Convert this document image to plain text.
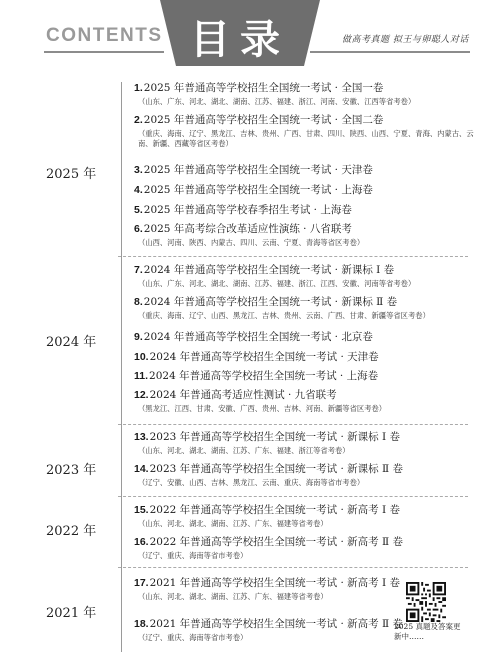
CONTENTS 目录	做高考真题 拟王与卵聪人对话
2025 年
2024 年
2023 年
2022 年
2021 年
1.2025 年普通高等学校招生全国统一考试 · 全国一卷
（山东、广东、河北、湖北、湖南、江苏、福建、浙江、河南、安徽、江西等省考卷）
2.2025 年普通高等学校招生全国统一考试 · 全国二卷
（重庆、海南、辽宁、黑龙江、吉林、贵州、广西、甘肃、四川、陕西、山西、宁夏、青海、内蒙古、云南、新疆、西藏等省区考卷）
3.2025 年普通高等学校招生全国统一考试 · 天津卷
4.2025 年普通高等学校招生全国统一考试 · 上海卷
5.2025 年普通高等学校春季招生考试 · 上海卷
6.2025 年高考综合改革适应性演练 · 八省联考
（山西、河南、陕西、内蒙古、四川、云南、宁夏、青海等省区考卷）
7.2024 年普通高等学校招生全国统一考试 · 新课标 Ⅰ 卷
（山东、广东、河北、湖北、湖南、江苏、福建、浙江、江西、安徽、河南等省考卷）
8.2024 年普通高等学校招生全国统一考试 · 新课标 Ⅱ 卷
（重庆、海南、辽宁、山西、黑龙江、吉林、贵州、云南、广西、甘肃、新疆等省区考卷）
9.2024 年普通高等学校招生全国统一考试 · 北京卷
10.2024 年普通高等学校招生全国统一考试 · 天津卷
11.2024 年普通高等学校招生全国统一考试 · 上海卷
12.2024 年普通高考适应性测试 · 九省联考
（黑龙江、江西、甘肃、安徽、广西、贵州、吉林、河南、新疆等省区考卷）
13.2023 年普通高等学校招生全国统一考试 · 新课标 Ⅰ 卷
（山东、河北、湖北、湖南、江苏、广东、福建、浙江等省考卷）
14.2023 年普通高等学校招生全国统一考试 · 新课标 Ⅱ 卷
（辽宁、安徽、山西、吉林、黑龙江、云南、重庆、海南等省市考卷）
15.2022 年普通高等学校招生全国统一考试 · 新高考 Ⅰ 卷
（山东、河北、湖北、湖南、江苏、广东、福建等省考卷）
16.2022 年普通高等学校招生全国统一考试 · 新高考 Ⅱ 卷
（辽宁、重庆、海南等省市考卷）
17.2021 年普通高等学校招生全国统一考试 · 新高考 Ⅰ 卷
（山东、河北、湖北、湖南、江苏、广东、福建等省考卷）
18.2021 年普通高等学校招生全国统一考试 · 新高考 Ⅱ 卷
（辽宁、重庆、海南等省市考卷）
2025 真题及答案更新中……
